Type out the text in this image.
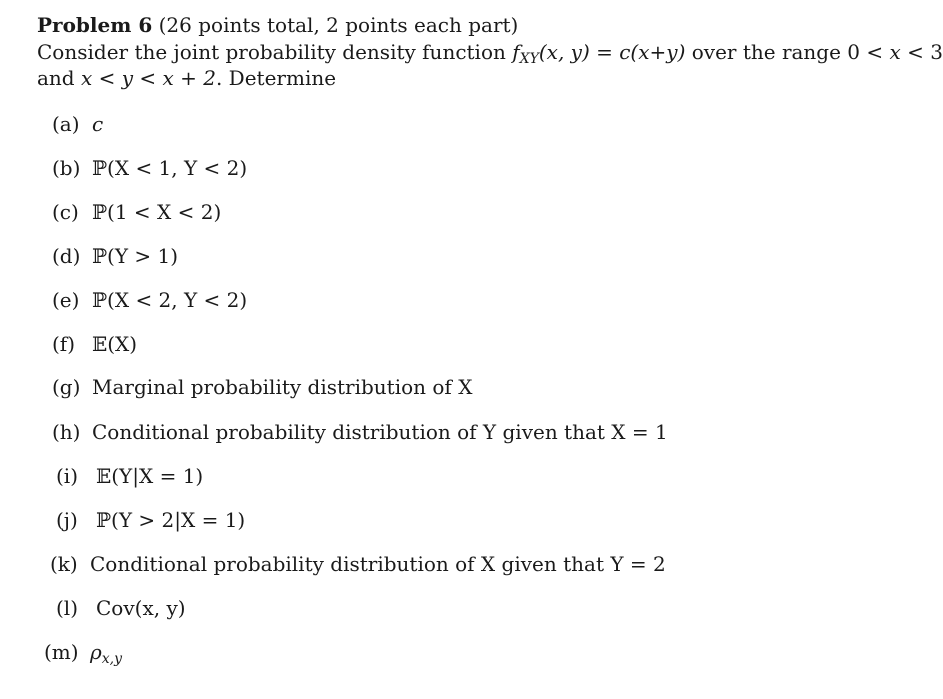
Problem 6 (26 points total, 2 points each part)
Consider the joint probability density function $f_{XY}(x$, y) = c(x+y) over the range 0 < x < 3
and x < y < x + 2. Determine
(a) c
(b) ℙ(X < 1, Y < 2)
(c) ℙ(1 < X < 2)
(d) ℙ(Y > 1)
(e) ℙ(X < 2, Y < 2)
(f) 𝔼(X)
(g) Marginal probability distribution of X
(h) Conditional probability distribution of Y given that X = 1
(i) 𝔼(Y|X = 1)
(j) ℙ(Y > 2|X = 1)
(k) Conditional probability distribution of X given that Y = 2
(l) Cov(x, y)
(m) $\rho_{x,y}$
